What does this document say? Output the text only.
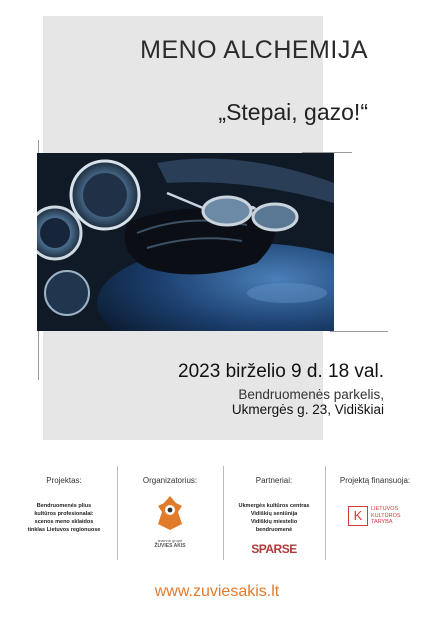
MENO ALCHEMIJA
„Stepai, gazo!“
2023 birželio 9 d. 18 val.
Bendruomenės parkelis,
Ukmergės g. 23, Vidiškiai
Projektas:
Bendruomenės plius
kultūros profesionalai:
scenos meno sklaidos
tinklas Lietuvos regionuose
Organizatorius:
teatrinė grupė
ŽUVIES AKIS
Partneriai:
Ukmergės kultūros centras
Vidiškių seniūnija
Vidiškių miestelio
bendruomenė
SPARSE
Projektą finansuoja:
K	LIETUVOS
KULTŪROS
TARYBA
www.zuviesakis.lt
